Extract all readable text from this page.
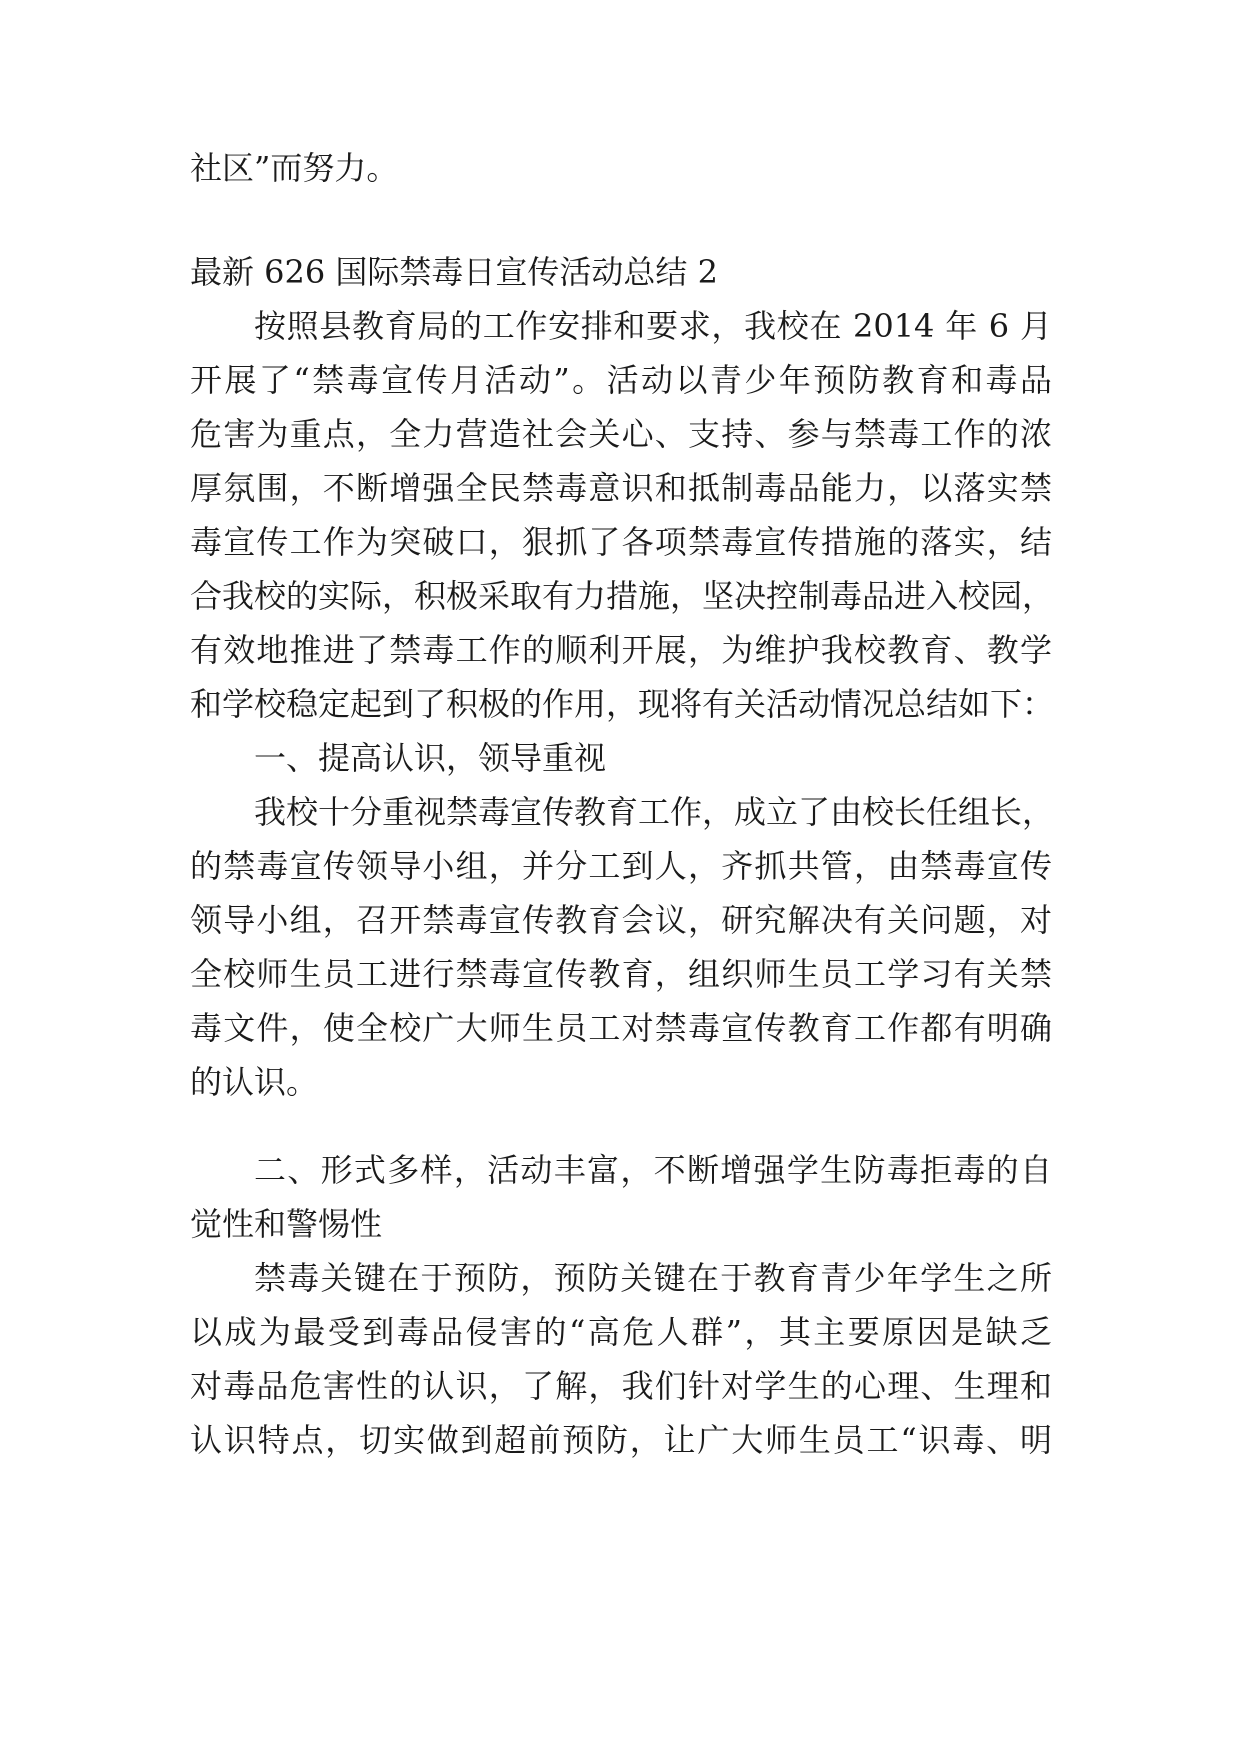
社区”而努力。
最新 626 国际禁毒日宣传活动总结 2
按照县教育局的工作安排和要求，我校在 2014 年 6 月
开展了“禁毒宣传月活动”。活动以青少年预防教育和毒品
危害为重点，全力营造社会关心、支持、参与禁毒工作的浓
厚氛围，不断增强全民禁毒意识和抵制毒品能力，以落实禁
毒宣传工作为突破口，狠抓了各项禁毒宣传措施的落实，结
合我校的实际，积极采取有力措施，坚决控制毒品进入校园，
有效地推进了禁毒工作的顺利开展，为维护我校教育、教学
和学校稳定起到了积极的作用，现将有关活动情况总结如下：
一、提高认识，领导重视
我校十分重视禁毒宣传教育工作，成立了由校长任组长，
的禁毒宣传领导小组，并分工到人，齐抓共管，由禁毒宣传
领导小组，召开禁毒宣传教育会议，研究解决有关问题，对
全校师生员工进行禁毒宣传教育，组织师生员工学习有关禁
毒文件，使全校广大师生员工对禁毒宣传教育工作都有明确
的认识。
二、形式多样，活动丰富，不断增强学生防毒拒毒的自
觉性和警惕性
禁毒关键在于预防，预防关键在于教育青少年学生之所
以成为最受到毒品侵害的“高危人群”，其主要原因是缺乏
对毒品危害性的认识，了解，我们针对学生的心理、生理和
认识特点，切实做到超前预防，让广大师生员工“识毒、明
